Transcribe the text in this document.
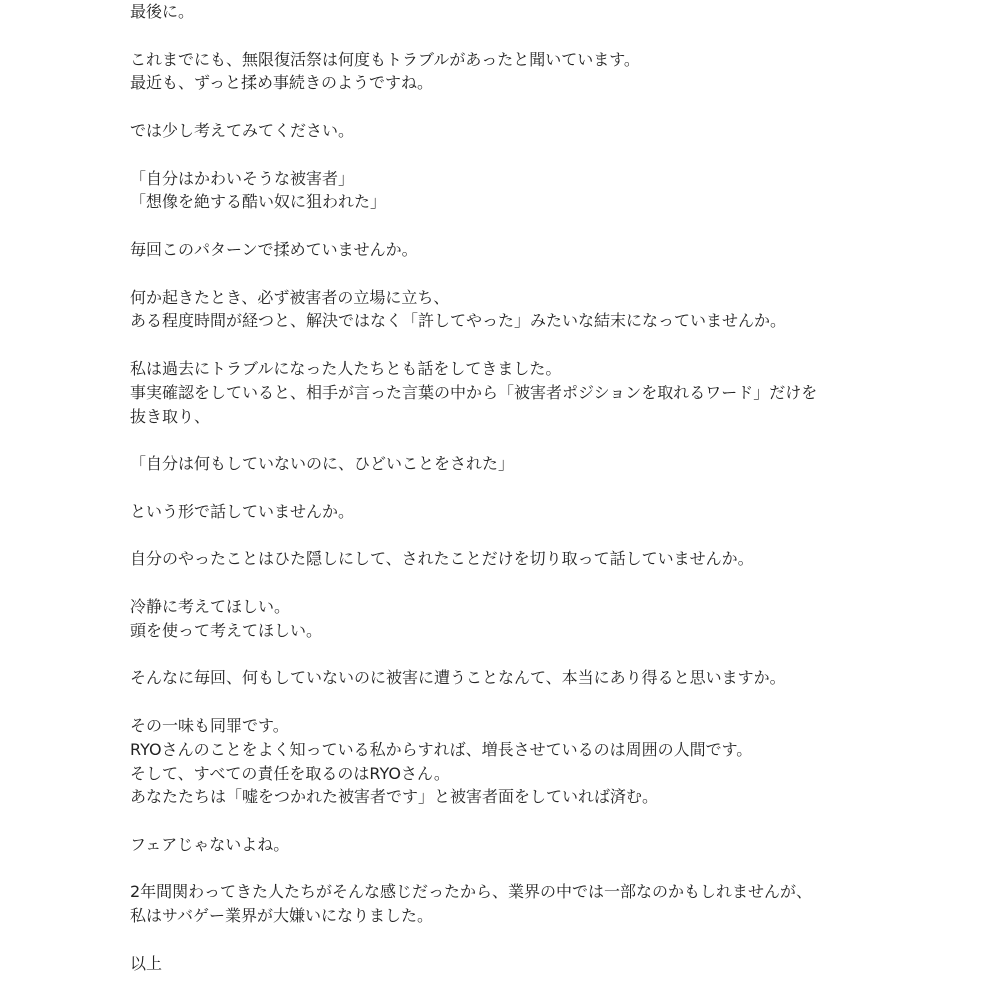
最後に。

これまでにも、無限復活祭は何度もトラブルがあったと聞いています。

最近も、ずっと揉め事続きのようですね。

では少し考えてみてください。

「自分はかわいそうな被害者」

「想像を絶する酷い奴に狙われた」

毎回このパターンで揉めていませんか。

何か起きたとき、必ず被害者の立場に立ち、

ある程度時間が経つと、解決ではなく「許してやった」みたいな結末になっていませんか。

私は過去にトラブルになった人たちとも話をしてきました。

事実確認をしていると、相手が言った言葉の中から「被害者ポジションを取れるワード」だけを

抜き取り、

「自分は何もしていないのに、ひどいことをされた」

という形で話していませんか。

自分のやったことはひた隠しにして、されたことだけを切り取って話していませんか。

冷静に考えてほしい。

頭を使って考えてほしい。

そんなに毎回、何もしていないのに被害に遭うことなんて、本当にあり得ると思いますか。

その一味も同罪です。

RYOさんのことをよく知っている私からすれば、増長させているのは周囲の人間です。

そして、すべての責任を取るのはRYOさん。

あなたたちは「嘘をつかれた被害者です」と被害者面をしていれば済む。

フェアじゃないよね。

2年間関わってきた人たちがそんな感じだったから、業界の中では一部なのかもしれませんが、

私はサバゲー業界が大嫌いになりました。

以上
